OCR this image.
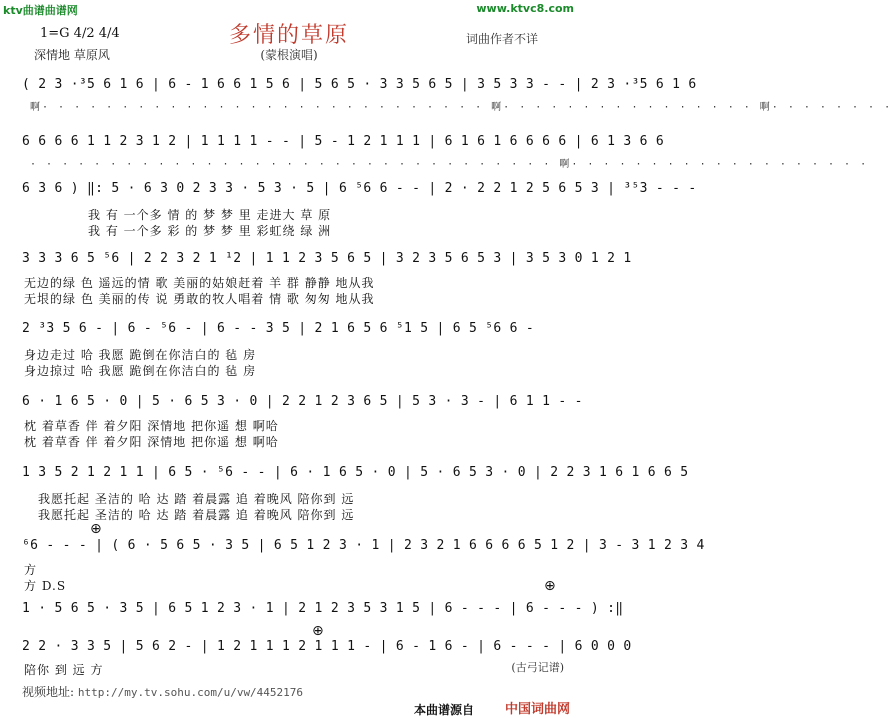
ktv曲谱曲谱网	www.ktvc8.com
1=G 4/2 4/4
深情地 草原风
多情的草原
(蒙根演唱)
词曲作者不详
( 2 3 ·³5 6 1 6 | 6 - 1 6 6 1 5 6 | 5 6 5 · 3 3 5 6 5 | 3 5 3 3 - - | 2 3 ·³5 6 1 6
啊· · · · · · · · · · · · · · · · · · · · · · · · · · · · 啊· · · · · · · · · · · · · · · · 啊· · · · · · · ·
6 6 6 6 1 1 2 3 1 2 | 1 1 1 1 - - | 5 - 1 2 1 1 1 | 6 1 6 1 6 6 6 6 | 6 1 3 6 6
· · · · · · · · · · · · · · · · · · · · · · · · · · · · · · · · · 啊· · · · · · · · · · · · · · · · · · ·
6 3 6 ) ‖: 5 · 6 3 0 2 3 3 · 5 3 · 5 | 6 ⁵6 6 - - | 2 · 2 2 1 2 5 6 5 3 | ³⁵3 - - -
我 有 一个多 情 的 梦 梦 里 走进大 草 原
我 有 一个多 彩 的 梦 梦 里 彩虹绕 绿 洲
3 3 3 6 5 ⁵6 | 2 2 3 2 1 ¹2 | 1 1 2 3 5 6 5 | 3 2 3 5 6 5 3 | 3 5 3 0 1 2 1
无边的绿 色 遥远的情 歌 美丽的姑娘赶着 羊 群 静静 地从我
无垠的绿 色 美丽的传 说 勇敢的牧人唱着 情 歌 匆匆 地从我
2 ³3 5 6 - | 6 - ⁵6 - | 6 - - 3 5 | 2 1 6 5 6 ⁵1 5 | 6 5 ⁵6 6 -
身边走过 哈 我愿 跪倒在你洁白的 毡 房
身边掠过 哈 我愿 跪倒在你洁白的 毡 房
6 · 1 6 5 · 0 | 5 · 6 5 3 · 0 | 2 2 1 2 3 6 5 | 5 3 · 3 - | 6 1 1 - -
枕 着草香 伴 着夕阳 深情地 把你遥 想 啊哈
枕 着草香 伴 着夕阳 深情地 把你遥 想 啊哈
1 3 5 2 1 2 1 1 | 6 5 · ⁵6 - - | 6 · 1 6 5 · 0 | 5 · 6 5 3 · 0 | 2 2 3 1 6 1 6 6 5
我愿托起 圣洁的 哈 达 踏 着晨露 追 着晚风 陪你到 远
我愿托起 圣洁的 哈 达 踏 着晨露 追 着晚风 陪你到 远
⊕
⊕
⁶6 - - - | ( 6 · 5 6 5 · 3 5 | 6 5 1 2 3 · 1 | 2 3 2 1 6 6 6 6 5 1 2 | 3 - 3 1 2 3 4
方
方 D.S
1 · 5 6 5 · 3 5 | 6 5 1 2 3 · 1 | 2 1 2 3 5 3 1 5 | 6 - - - | 6 - - - ) :‖
⊕
2 2 · 3 3 5 | 5 6 2 - | 1 2 1 1 1 2 1 1 1 - | 6 - 1 6 - | 6 - - - | 6 0 0 0
陪你 到 远 方	(古弓记谱)
视频地址: http://my.tv.sohu.com/u/vw/4452176
本曲谱源自 中国词曲网
